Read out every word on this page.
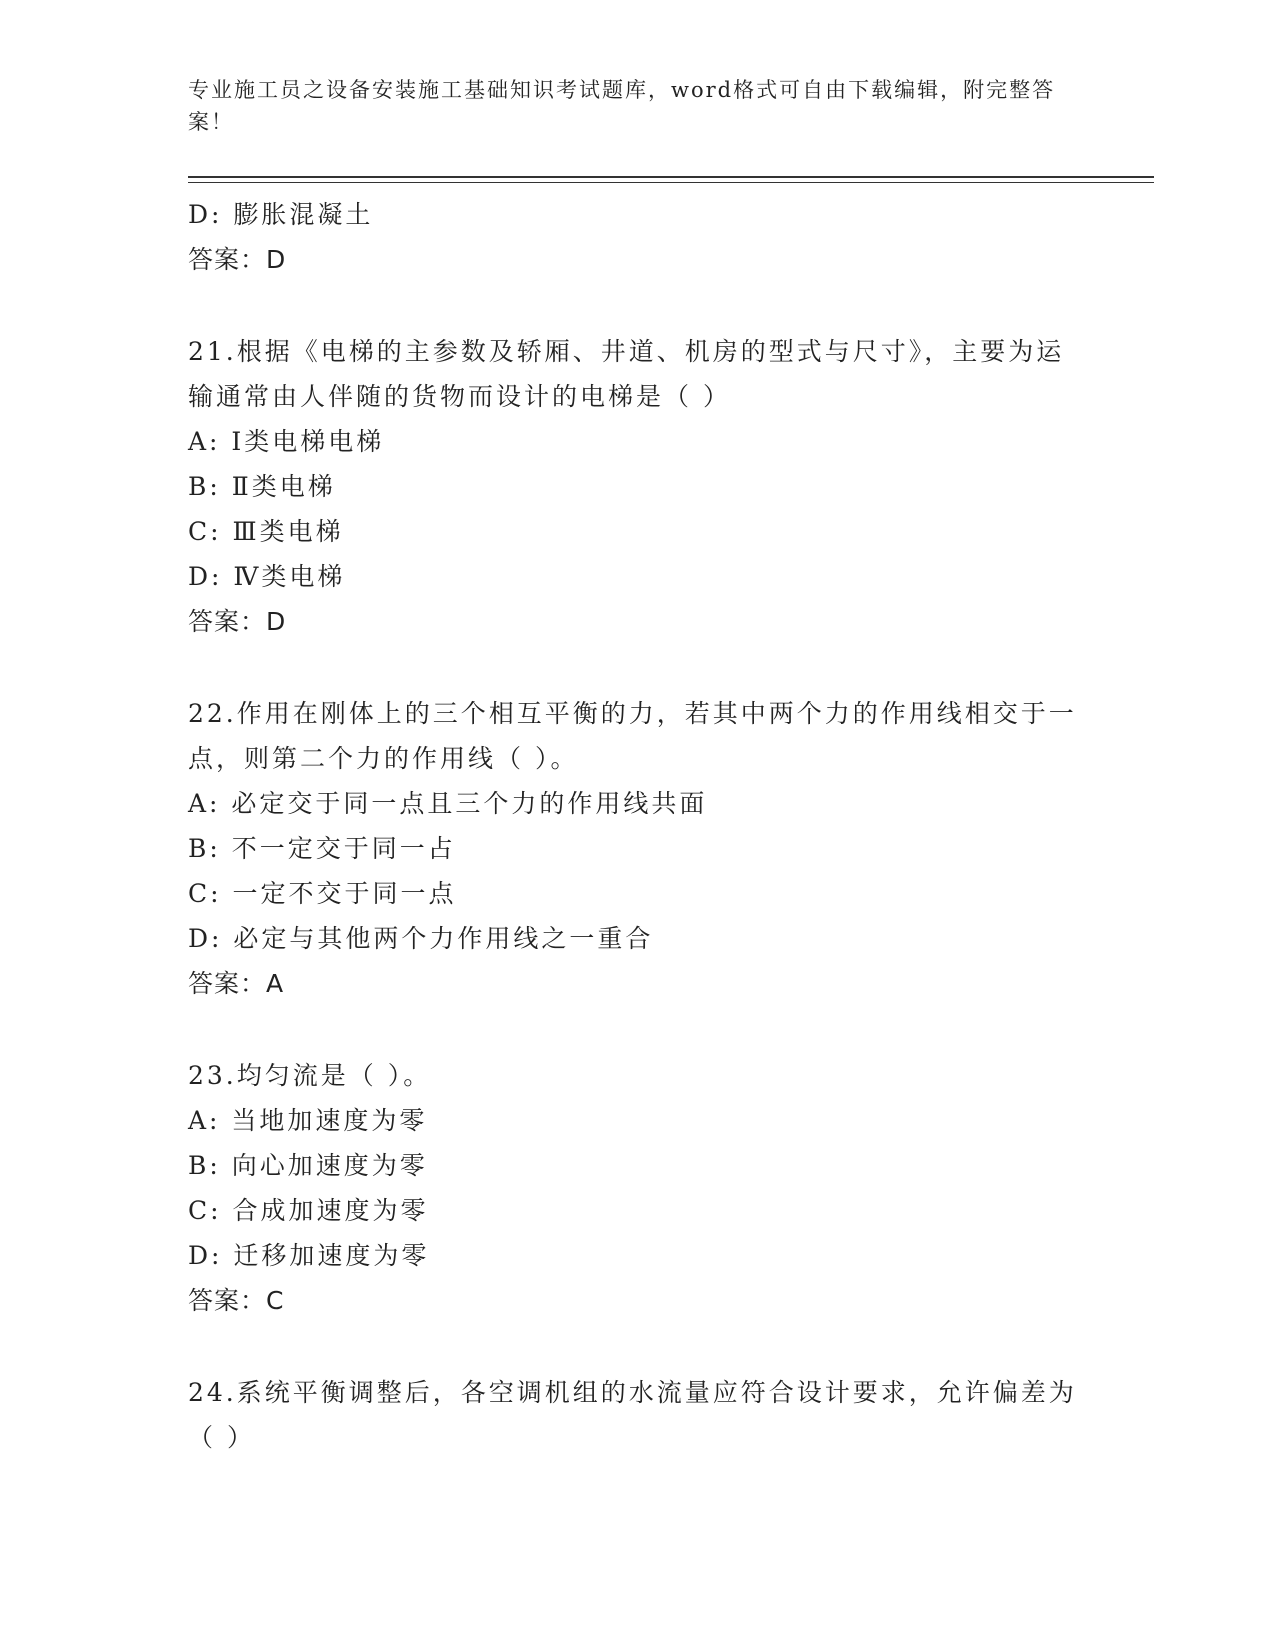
专业施工员之设备安装施工基础知识考试题库，word格式可自由下载编辑，附完整答案！
D: 膨胀混凝土
答案：D
21.根据《电梯的主参数及轿厢、井道、机房的型式与尺寸》，主要为运输通常由人伴随的货物而设计的电梯是（ ）
A: Ⅰ类电梯电梯
B: Ⅱ类电梯
C: Ⅲ类电梯
D: Ⅳ类电梯
答案：D
22.作用在刚体上的三个相互平衡的力，若其中两个力的作用线相交于一点，则第二个力的作用线（ ）。
A: 必定交于同一点且三个力的作用线共面
B: 不一定交于同一占
C: 一定不交于同一点
D: 必定与其他两个力作用线之一重合
答案：A
23.均匀流是（ ）。
A: 当地加速度为零
B: 向心加速度为零
C: 合成加速度为零
D: 迁移加速度为零
答案：C
24.系统平衡调整后，各空调机组的水流量应符合设计要求，允许偏差为（ ）
